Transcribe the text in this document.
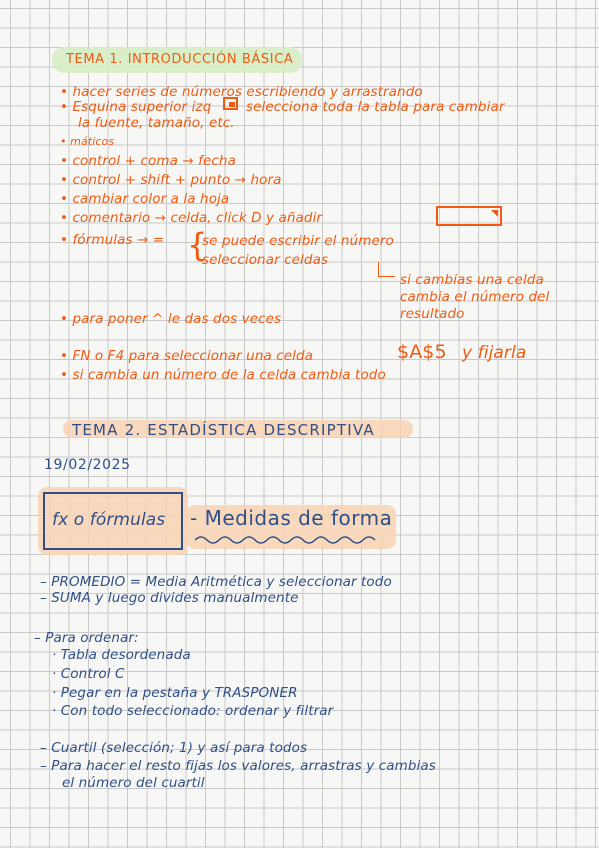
TEMA 1. INTRODUCCIÓN BÁSICA
• hacer series de números escribiendo y arrastrando
• Esquina superior izq	selecciona toda la tabla para cambiar
la fuente, tamaño, etc.
• máticos
• control + coma → fecha
• control + shift + punto → hora
• cambiar color a la hoja
• comentario → celda, click D y añadir
• fórmulas → = {
se puede escribir el número
seleccionar celdas
si cambias una celda
cambia el número del
resultado
• para poner ^ le das dos veces
• FN o F4 para seleccionar una celda	$A$5 y fijarla
• si cambia un número de la celda cambia todo
TEMA 2. ESTADÍSTICA DESCRIPTIVA
19/02/2025
fx o fórmulas - Medidas de forma
– PROMEDIO = Media Aritmética y seleccionar todo
– SUMA y luego divides manualmente
– Para ordenar:
· Tabla desordenada
· Control C
· Pegar en la pestaña y TRASPONER
· Con todo seleccionado: ordenar y filtrar
– Cuartil (selección; 1) y así para todos
– Para hacer el resto fijas los valores, arrastras y cambias
el número del cuartil
